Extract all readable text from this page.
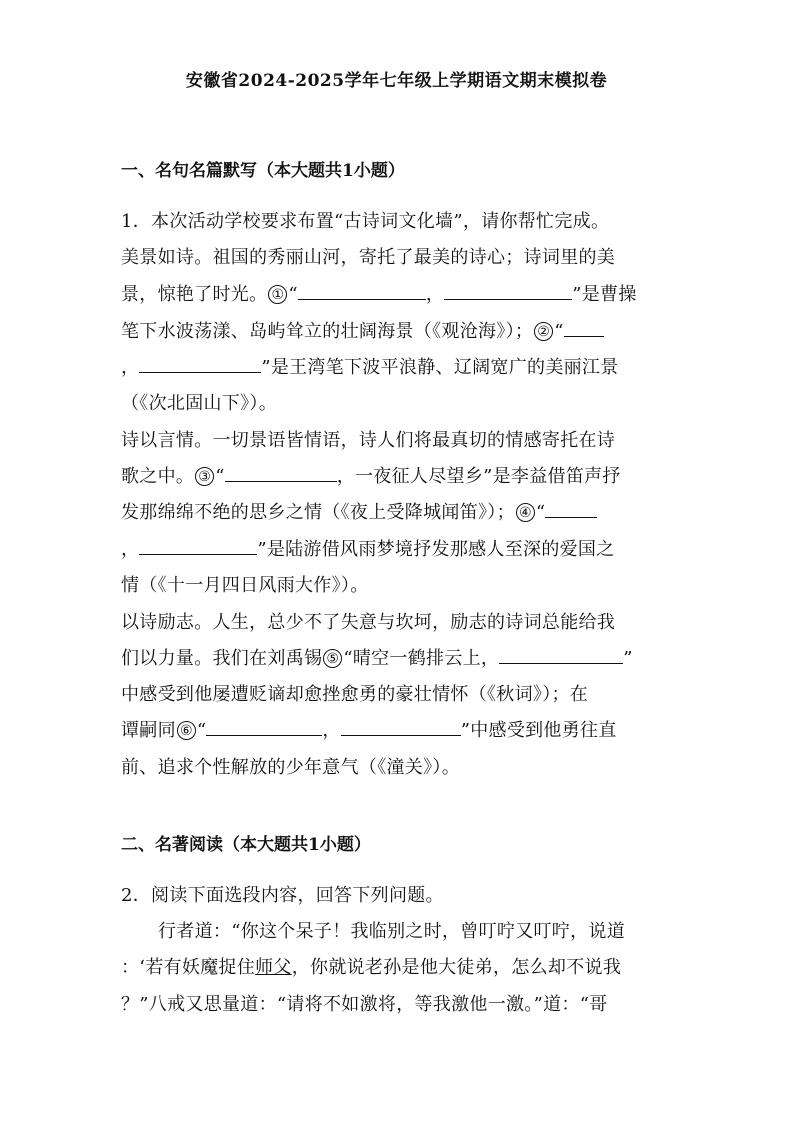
安徽省2024-2025学年七年级上学期语文期末模拟卷
一、名句名篇默写（本大题共1小题）
1．本次活动学校要求布置“古诗词文化墙”，请你帮忙完成。
美景如诗。祖国的秀丽山河，寄托了最美的诗心；诗词里的美
景，惊艳了时光。 ① “	，	”是曹操
笔下水波荡漾、岛屿耸立的壮阔海景（《观沧海》）； ② “
，	”是王湾笔下波平浪静、辽阔宽广的美丽江景
（《次北固山下》）。
诗以言情。一切景语皆情语，诗人们将最真切的情感寄托在诗
歌之中。 ③ “	，一夜征人尽望乡”是李益借笛声抒
发那绵绵不绝的思乡之情（《夜上受降城闻笛》）； ④ “
，	”是陆游借风雨梦境抒发那感人至深的爱国之
情（《十一月四日风雨大作》）。
以诗励志。人生，总少不了失意与坎坷，励志的诗词总能给我
们以力量。我们在刘禹锡 ⑤ “晴空一鹤排云上，	”
中感受到他屡遭贬谪却愈挫愈勇的豪壮情怀（《秋词》）；在
谭嗣同 ⑥ “	，	”中感受到他勇往直
前、追求个性解放的少年意气（《潼关》）。
二、名著阅读（本大题共1小题）
2．阅读下面选段内容，回答下列问题。
行者道：“你这个呆子！我临别之时，曾叮咛又叮咛，说道
：‘若有妖魔捉住师父，你就说老孙是他大徒弟，怎么却不说我
？”八戒又思量道：“请将不如激将，等我激他一激。”道：“哥
